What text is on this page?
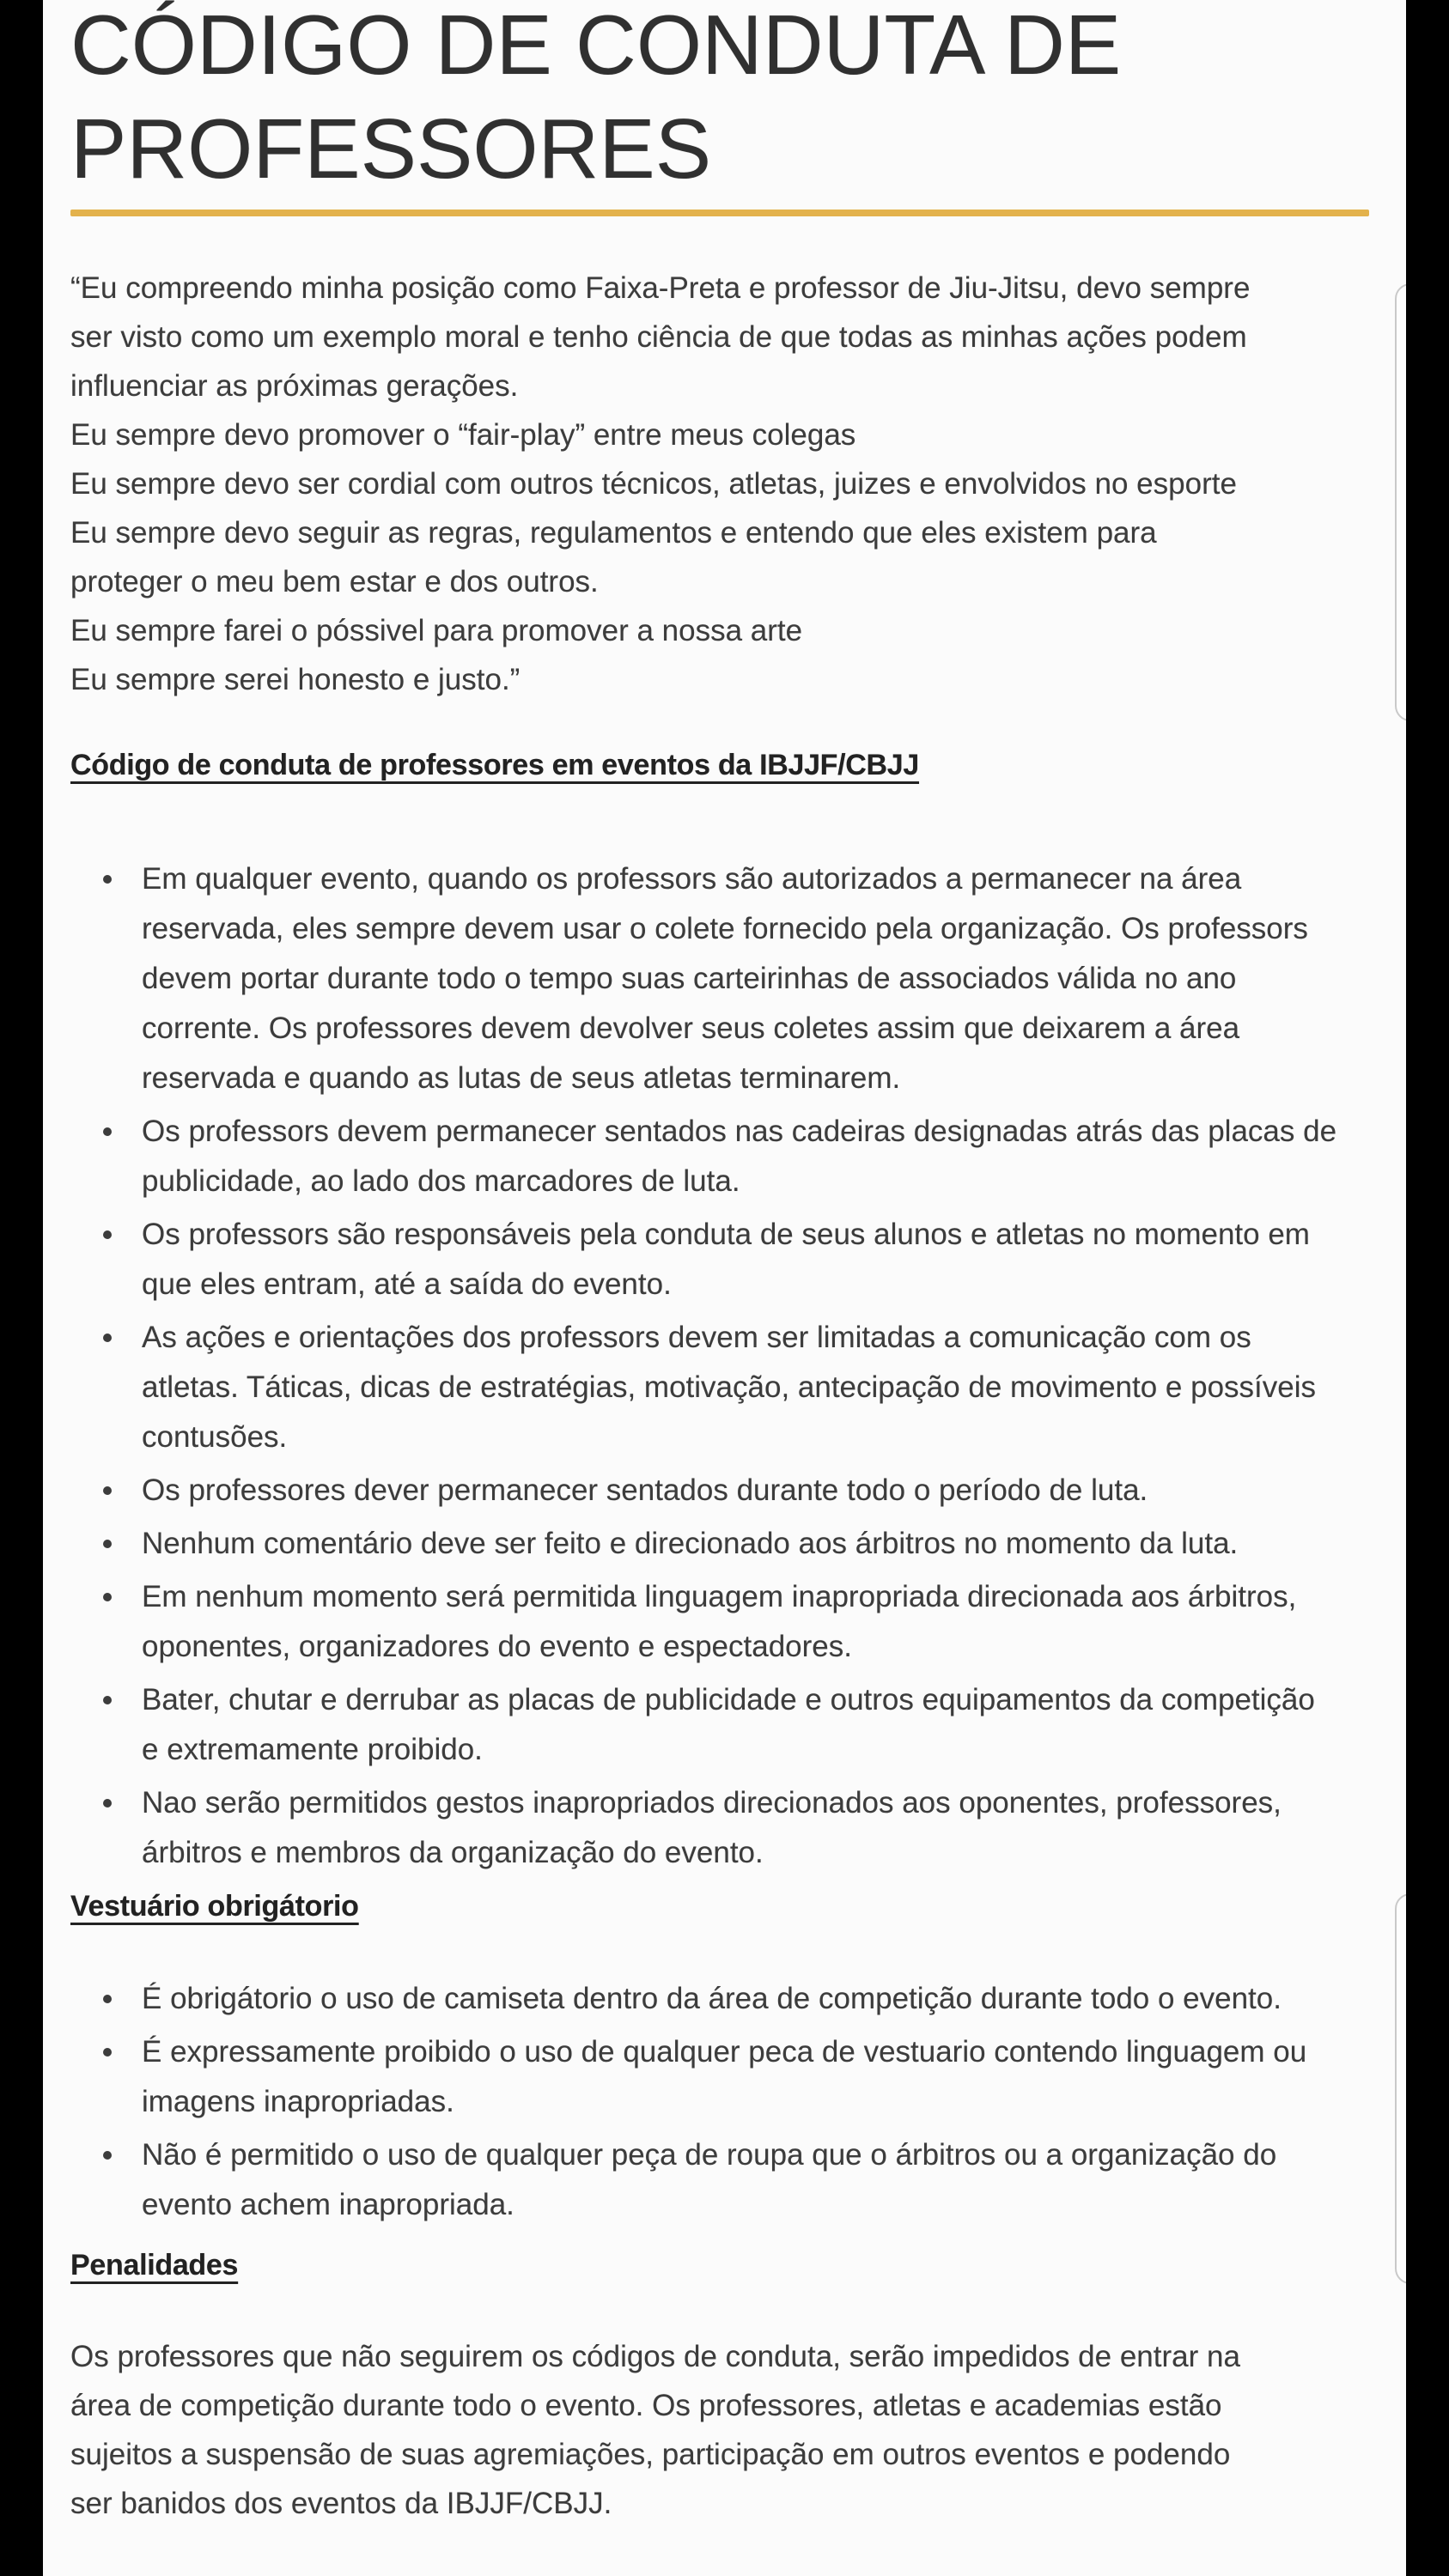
CÓDIGO DE CONDUTA DE
PROFESSORES
“Eu compreendo minha posição como Faixa-Preta e professor de Jiu-Jitsu, devo sempre
ser visto como um exemplo moral e tenho ciência de que todas as minhas ações podem
influenciar as próximas gerações.
Eu sempre devo promover o “fair-play” entre meus colegas
Eu sempre devo ser cordial com outros técnicos, atletas, juizes e envolvidos no esporte
Eu sempre devo seguir as regras, regulamentos e entendo que eles existem para
proteger o meu bem estar e dos outros.
Eu sempre farei o póssivel para promover a nossa arte
Eu sempre serei honesto e justo.”
Código de conduta de professores em eventos da IBJJF/CBJJ
Em qualquer evento, quando os professors são autorizados a permanecer na área
reservada, eles sempre devem usar o colete fornecido pela organização. Os professors
devem portar durante todo o tempo suas carteirinhas de associados válida no ano
corrente. Os professores devem devolver seus coletes assim que deixarem a área
reservada e quando as lutas de seus atletas terminarem.
Os professors devem permanecer sentados nas cadeiras designadas atrás das placas de
publicidade, ao lado dos marcadores de luta.
Os professors são responsáveis pela conduta de seus alunos e atletas no momento em
que eles entram, até a saída do evento.
As ações e orientações dos professors devem ser limitadas a comunicação com os
atletas. Táticas, dicas de estratégias, motivação, antecipação de movimento e possíveis
contusões.
Os professores dever permanecer sentados durante todo o período de luta.
Nenhum comentário deve ser feito e direcionado aos árbitros no momento da luta.
Em nenhum momento será permitida linguagem inapropriada direcionada aos árbitros,
oponentes, organizadores do evento e espectadores.
Bater, chutar e derrubar as placas de publicidade e outros equipamentos da competição
e extremamente proibido.
Nao serão permitidos gestos inapropriados direcionados aos oponentes, professores,
árbitros e membros da organização do evento.
Vestuário obrigátorio
É obrigátorio o uso de camiseta dentro da área de competição durante todo o evento.
É expressamente proibido o uso de qualquer peca de vestuario contendo linguagem ou
imagens inapropriadas.
Não é permitido o uso de qualquer peça de roupa que o árbitros ou a organização do
evento achem inapropriada.
Penalidades
Os professores que não seguirem os códigos de conduta, serão impedidos de entrar na
área de competição durante todo o evento. Os professores, atletas e academias estão
sujeitos a suspensão de suas agremiações, participação em outros eventos e podendo
ser banidos dos eventos da IBJJF/CBJJ.
